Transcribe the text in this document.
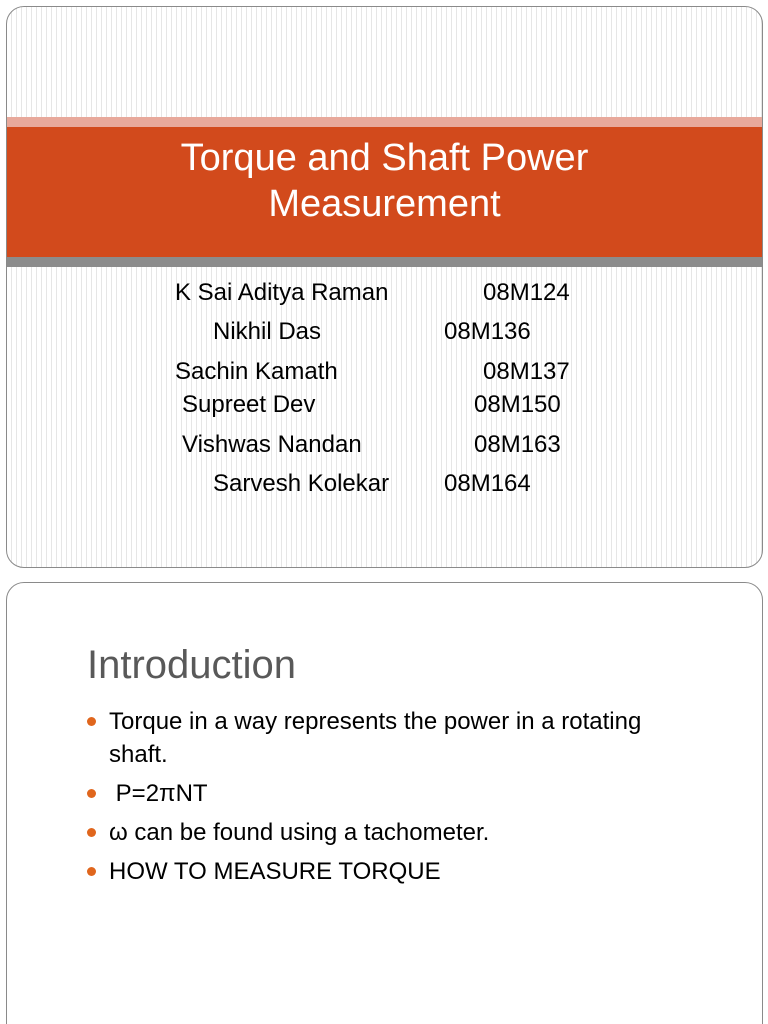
Torque and Shaft Power
Measurement
K Sai Aditya Raman	08M124
Nikhil Das	08M136
Sachin Kamath	08M137
Supreet Dev	08M150
Vishwas Nandan	08M163
Sarvesh Kolekar 08M164
Introduction
Torque in a way represents the power in a rotating shaft.
P=2πNT
ω can be found using a tachometer.
HOW TO MEASURE TORQUE
